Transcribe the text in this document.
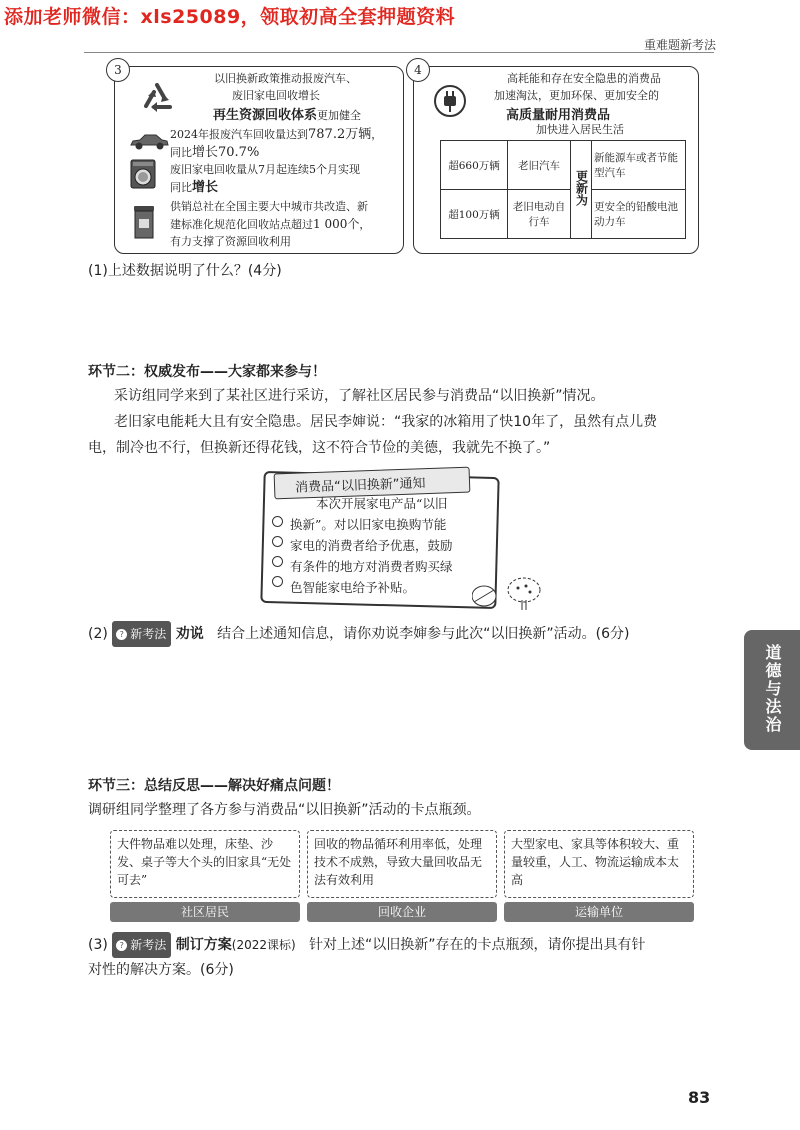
添加老师微信：xls25089，领取初高全套押题资料
重难题新考法
3
以旧换新政策推动报废汽车、
废旧家电回收增长
再生资源回收体系更加健全
2024年报废汽车回收量达到787.2万辆，
同比增长70.7%
废旧家电回收量从7月起连续5个月实现
同比增长
供销总社在全国主要大中城市共改造、新
建标准化规范化回收站点超过1 000个，
有力支撑了资源回收利用
4
高耗能和存在安全隐患的消费品
加速淘汰，更加环保、更加安全的
高质量耐用消费品
加快进入居民生活
超660万辆	老旧汽车	更新为	新能源车或者节能型汽车
超100万辆	老旧电动自行车		更安全的铅酸电池动力车
(1)上述数据说明了什么？(4分)
环节二：权威发布——大家都来参与！
采访组同学来到了某社区进行采访，了解社区居民参与消费品“以旧换新”情况。
老旧家电能耗大且有安全隐患。居民李婶说：“我家的冰箱用了快10年了，虽然有点儿费
电，制冷也不行，但换新还得花钱，这不符合节俭的美德，我就先不换了。”
消费品“以旧换新”通知
本次开展家电产品“以旧
换新”。对以旧家电换购节能
家电的消费者给予优惠，鼓励
有条件的地方对消费者购买绿
色智能家电给予补贴。
(2) ? 新考法 劝说 结合上述通知信息，请你劝说李婶参与此次“以旧换新”活动。(6分)
环节三：总结反思——解决好痛点问题！
调研组同学整理了各方参与消费品“以旧换新”活动的卡点瓶颈。
大件物品难以处理，床垫、沙发、桌子等大个头的旧家具“无处可去”
社区居民
回收的物品循环利用率低，处理技术不成熟，导致大量回收品无法有效利用
回收企业
大型家电、家具等体积较大、重量较重，人工、物流运输成本太高
运输单位
(3) ? 新考法 制订方案(2022课标) 针对上述“以旧换新”存在的卡点瓶颈，请你提出具有针
对性的解决方案。(6分)
道德与法治
83
